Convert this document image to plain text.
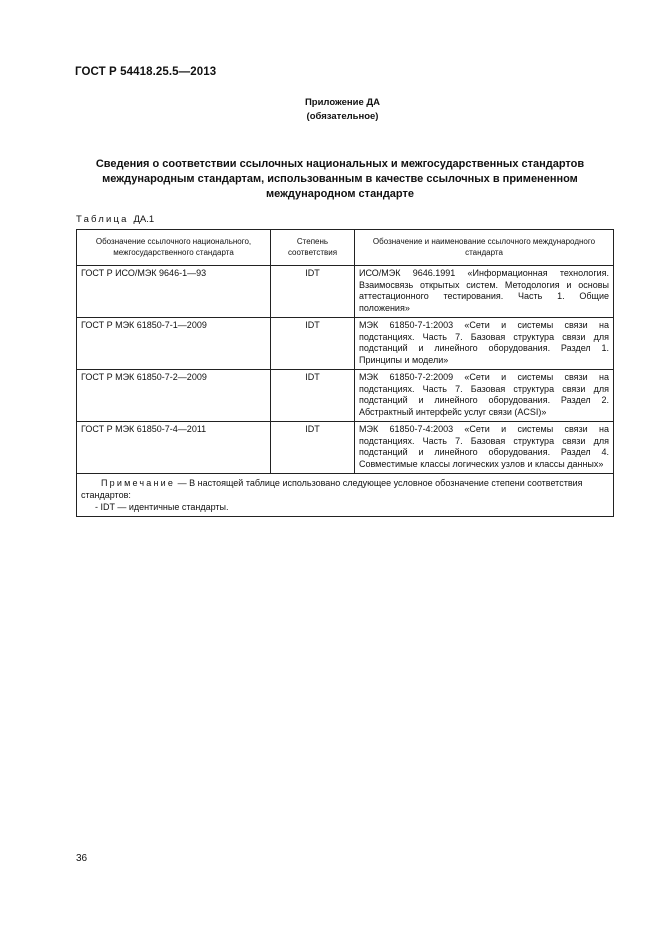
ГОСТ Р 54418.25.5—2013
Приложение ДА
(обязательное)
Сведения о соответствии ссылочных национальных и межгосударственных стандартов
международным стандартам, использованным в качестве ссылочных в примененном
международном стандарте
Таблица ДА.1
Обозначение ссылочного национального, межгосударственного стандарта	Степень соответствия	Обозначение и наименование ссылочного международного стандарта
ГОСТ Р ИСО/МЭК 9646-1—93	IDT	ИСО/МЭК 9646.1991 «Информационная технология. Взаимосвязь открытых систем. Методология и основы аттестационного тестирования. Часть 1. Общие положения»
ГОСТ Р МЭК 61850-7-1—2009	IDT	МЭК 61850-7-1:2003 «Сети и системы связи на подстанциях. Часть 7. Базовая структура связи для подстанций и линейного оборудования. Раздел 1. Принципы и модели»
ГОСТ Р МЭК 61850-7-2—2009	IDT	МЭК 61850-7-2:2009 «Сети и системы связи на подстанциях. Часть 7. Базовая структура связи для подстанций и линейного оборудования. Раздел 2. Абстрактный интерфейс услуг связи (ACSI)»
ГОСТ Р МЭК 61850-7-4—2011	IDT	МЭК 61850-7-4:2003 «Сети и системы связи на подстанциях. Часть 7. Базовая структура связи для подстанций и линейного оборудования. Раздел 4. Совместимые классы логических узлов и классы данных»

Примечание — В настоящей таблице использовано следующее условное обозначение степени соответствия стандартов:
- IDT — идентичные стандарты.		
36
